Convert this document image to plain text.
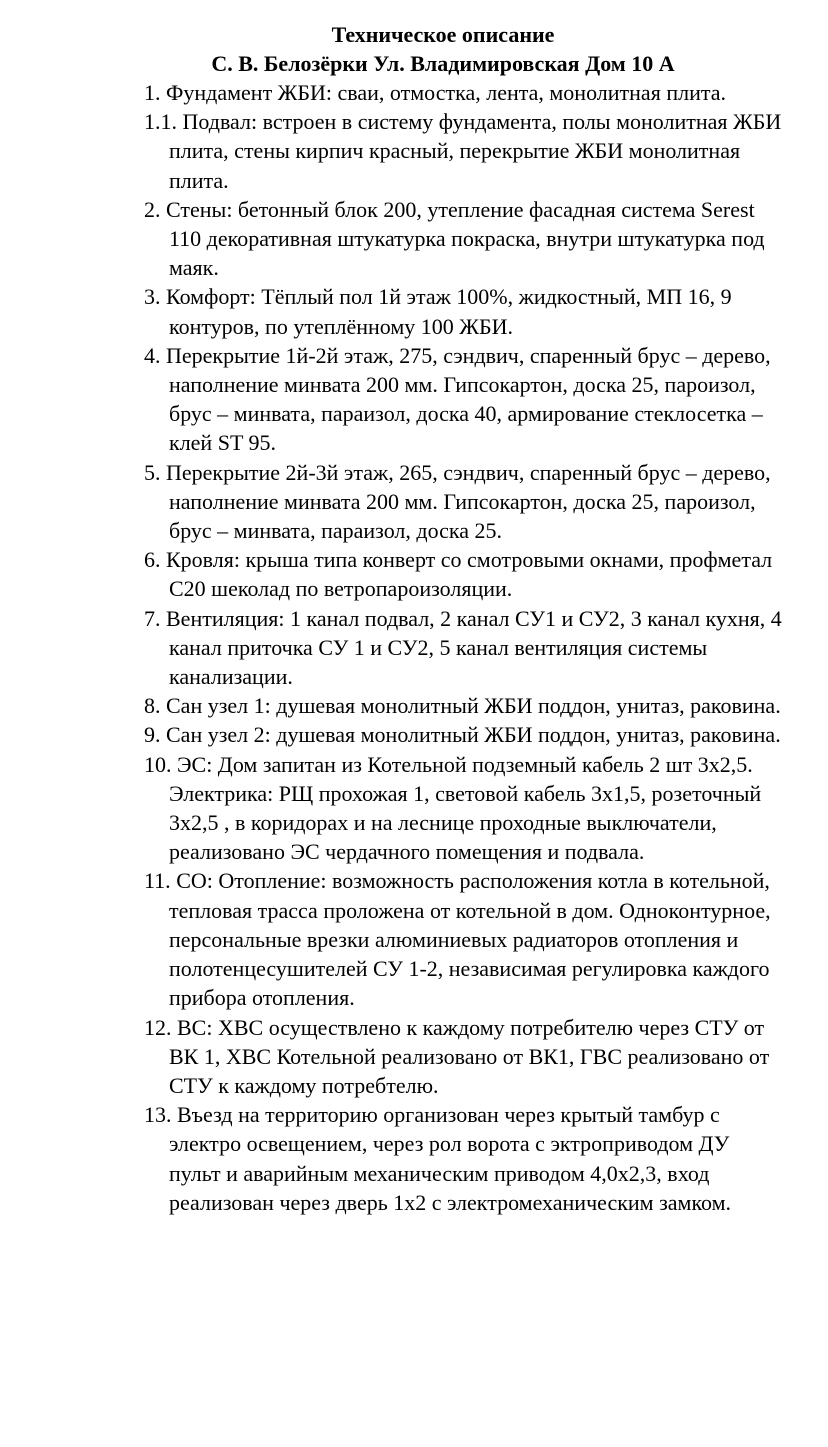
Техническое описание
С. В. Белозёрки Ул. Владимировская Дом 10 А
1. Фундамент ЖБИ: сваи, отмостка, лента, монолитная плита.
1.1. Подвал: встроен в систему фундамента, полы монолитная ЖБИ плита, стены кирпич красный, перекрытие ЖБИ монолитная плита.
2. Стены: бетонный блок 200, утепление фасадная система Serest 110 декоративная штукатурка покраска, внутри штукатурка под маяк.
3. Комфорт: Тёплый пол 1й этаж 100%, жидкостный, МП 16, 9 контуров, по утеплённому 100 ЖБИ.
4. Перекрытие 1й-2й этаж, 275, сэндвич, спаренный брус – дерево, наполнение минвата 200 мм. Гипсокартон, доска 25, пароизол, брус – минвата, параизол, доска 40, армирование стеклосетка – клей ST 95.
5. Перекрытие 2й-3й этаж, 265, сэндвич, спаренный брус – дерево, наполнение минвата 200 мм. Гипсокартон, доска 25, пароизол, брус – минвата, параизол, доска 25.
6. Кровля: крыша типа конверт со смотровыми окнами, профметал С20 шеколад по ветропароизоляции.
7. Вентиляция: 1 канал подвал, 2 канал СУ1 и СУ2, 3 канал кухня, 4 канал приточка СУ 1 и СУ2, 5 канал вентиляция системы канализации.
8. Сан узел 1: душевая монолитный ЖБИ поддон, унитаз, раковина.
9. Сан узел 2: душевая монолитный ЖБИ поддон, унитаз, раковина.
10. ЭС: Дом запитан из Котельной подземный кабель 2 шт 3х2,5. Электрика: РЩ прохожая 1, световой кабель 3х1,5, розеточный 3х2,5 , в коридорах и на леснице проходные выключатели, реализовано ЭС чердачного помещения и подвала.
11. СО: Отопление: возможность расположения котла в котельной, тепловая трасса проложена от котельной в дом. Одноконтурное, персональные врезки алюминиевых радиаторов отопления и полотенцесушителей СУ 1-2, независимая регулировка каждого прибора отопления.
12. ВС: ХВС осуществлено к каждому потребителю через СТУ от ВК 1, ХВС Котельной реализовано от ВК1, ГВС реализовано от СТУ к каждому потребтелю.
13. Въезд на территорию организован через крытый тамбур с электро освещением, через рол ворота с эктроприводом ДУ пульт и аварийным механическим приводом 4,0х2,3, вход реализован через дверь 1х2 с электромеханическим замком.
